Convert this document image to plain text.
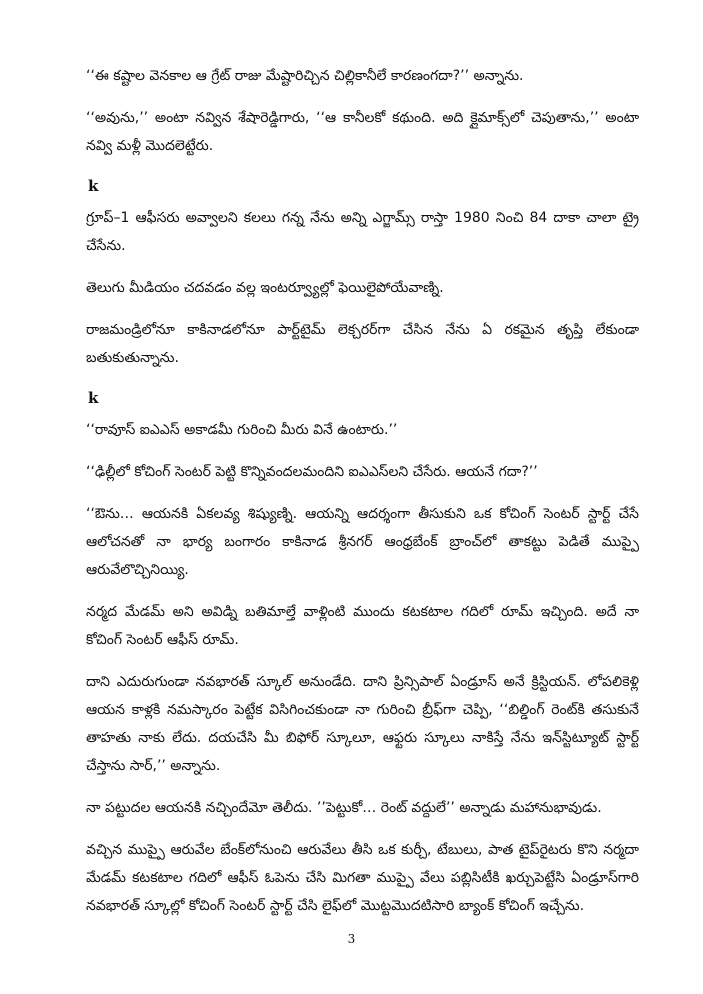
‘‘ఈ కష్టాల వెనకాల ఆ గ్రేట్ రాజు మేష్టారిచ్చిన చిల్లికానీలే కారణంగదా?’’ అన్నాను.

‘‘అవును,’’ అంటా నవ్విన శేషారెడ్డిగారు, ‘‘ఆ కానీలకో కథుంది. అది క్లైమాక్స్‌లో చెపుతాను,’’ అంటా నవ్వి మళ్లీ మొదలెట్టేరు.

k

గ్రూప్–1 ఆఫీసరు అవ్వాలని కలలు గన్న నేను అన్ని ఎగ్జామ్స్ రాస్తా 1980 నించి 84 దాకా చాలా ట్రై చేసేను.

తెలుగు మీడియం చదవడం వల్ల ఇంటర్వ్యూల్లో ఫెయిలైపోయేవాణ్ని.

రాజమండ్రిలోనూ కాకినాడలోనూ పార్ట్‌టైమ్ లెక్చరర్‌గా చేసిన నేను ఏ రకమైన తృప్తి లేకుండా బతుకుతున్నాను.

k

‘‘రావూస్ ఐఎఎస్ అకాడమీ గురించి మీరు వినే ఉంటారు.’’

‘‘ఢిల్లీలో కోచింగ్ సెంటర్ పెట్టి కొన్నివందలమందిని ఐఎఎస్‌లని చేసేరు. ఆయనే గదా?’’

‘‘ఔను… ఆయనకి ఏకలవ్య శిష్యుణ్ని. ఆయన్ని ఆదర్శంగా తీసుకుని ఒక కోచింగ్ సెంటర్ స్టార్ట్ చేసే ఆలోచనతో నా భార్య బంగారం కాకినాడ శ్రీనగర్ ఆంధ్రబేంక్ బ్రాంచ్‌లో తాకట్టు పెడితే ముప్పై ఆరువేలొచ్చినియ్యి.

నర్మద మేడమ్ అని అవిడ్ని బతిమాల్తే వాళ్లింటి ముందు కటకటాల గదిలో రూమ్ ఇచ్చింది. అదే నా కోచింగ్ సెంటర్ ఆఫీస్ రూమ్.

దాని ఎదురుగుండా నవభారత్ స్కూల్ అనుండేది. దాని ప్రిన్సిపాల్ ఏండ్రూస్ అనే క్రిస్టియన్. లోపలికెళ్లి ఆయన కాళ్లకి నమస్కారం పెట్టేక విసిగించకుండా నా గురించి బ్రీఫ్‌గా చెప్పి, ‘‘బిల్డింగ్ రెంట్‌కి తసుకునే తాహతు నాకు లేదు. దయచేసి మీ బిఫోర్ స్కూలూ, ఆఫ్టరు స్కూలు నాకిస్తే నేను ఇన్‌స్టిట్యూట్ స్టార్ట్ చేస్తాను సార్,’’ అన్నాను.

నా పట్టుదల ఆయనకి నచ్చిందేమో తెలీదు. ’’పెట్టుకో… రెంట్ వద్దులే’’ అన్నాడు మహానుభావుడు.

వచ్చిన ముప్పై ఆరువేల బేంక్‌లోనుంచి ఆరువేలు తీసి ఒక కుర్చీ, టేబులు, పాత టైప్‌రైటరు కొని నర్మదా మేడమ్ కటకటాల గదిలో ఆఫీస్ ఓపెను చేసి మిగతా ముప్పై వేలు పబ్లిసిటీకి ఖర్చుపెట్టేసి ఏండ్రూస్‌గారి నవభారత్ స్కూల్లో కోచింగ్ సెంటర్ స్టార్ట్ చేసి లైఫ్‌లో మొట్టమొదటిసారి బ్యాంక్ కోచింగ్ ఇచ్చేను.

3
